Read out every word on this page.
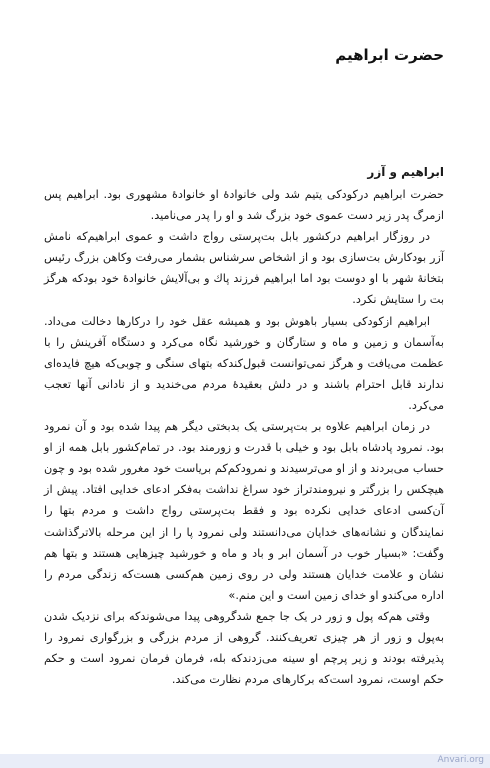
حضرت ابراهیم
ابراهیم و آزر

حضرت ابراهیم درکودکی یتیم شد ولی خانوادهٔ او خانوادهٔ مشهوری بود. ابراهیم پس ازمرگ پدر زیر دست عموی خود بزرگ شد و او را پدر می‌نامید.

در روزگار ابراهیم درکشور بابل بت‌پرستی رواج داشت و عموی ابراهیم‌که نامش آزر بودکارش بت‌سازی بود و از اشخاص سرشناس بشمار می‌رفت وکاهن بزرگ رئیس بتخانهٔ شهر با او دوست بود اما ابراهیم فرزند پاك و بی‌آلایش خانوادهٔ خود بودکه هرگز بت را ستایش نکرد.

ابراهیم ازکودکی بسیار باهوش بود و همیشه عقل خود را درکارها دخالت می‌داد. به‌آسمان و زمین و ماه و ستارگان و خورشید نگاه می‌کرد و دستگاه آفرینش را با عظمت می‌یافت و هرگز نمی‌توانست قبول‌کندکه بتهای سنگی و چوبی‌که هیچ فایده‌ای ندارند قابل احترام باشند و در دلش بعقیدهٔ مردم می‌خندید و از نادانی‌ آنها تعجب می‌کرد.

در زمان ابراهیم علاوه بر بت‌پرستی یک بدبختی دیگر هم پیدا شده بود و آن نمرود بود. نمرود پادشاه بابل بود و خیلی با قدرت و زورمند بود. در تمام‌کشور بابل همه از او حساب می‌بردند و از او می‌ترسیدند و نمرودکم‌کم بریاست خود مغرور شده بود و چون هیچکس را بزرگتر و نیرومندتراز خود سراغ نداشت به‌فکر ادعای خدایی افتاد. پیش از آن‌کسی ادعای خدایی نکرده بود و فقط بت‌پرستی رواج داشت و مردم بتها را نمایندگان و نشانه‌های خدایان می‌دانستند ولی نمرود پا را از این مرحله بالاترگذاشت وگفت: «بسیار خوب در آسمان ابر و باد و ماه و خورشید چیزهایی هستند و بتها هم نشان و علامت خدایان هستند ولی در روی زمین هم‌کسی هست‌که زندگی مردم را اداره می‌کندو او خدای زمین است و این منم.»

وقتی هم‌که پول و زور در یک جا جمع شدگروهی پیدا می‌شوند‌که برای نزدیک شدن به‌پول و زور از هر چیزی تعریف‌کنند. گروهی از مردم بزرگی و بزرگواری نمرود را پذیرفته بودند و زیر پرچم او سینه می‌زدند‌که بله، فرمان فرمان نمرود است و حکم حکم اوست، نمرود است‌که برکارهای مردم نظارت می‌کند.

Anvari.org
